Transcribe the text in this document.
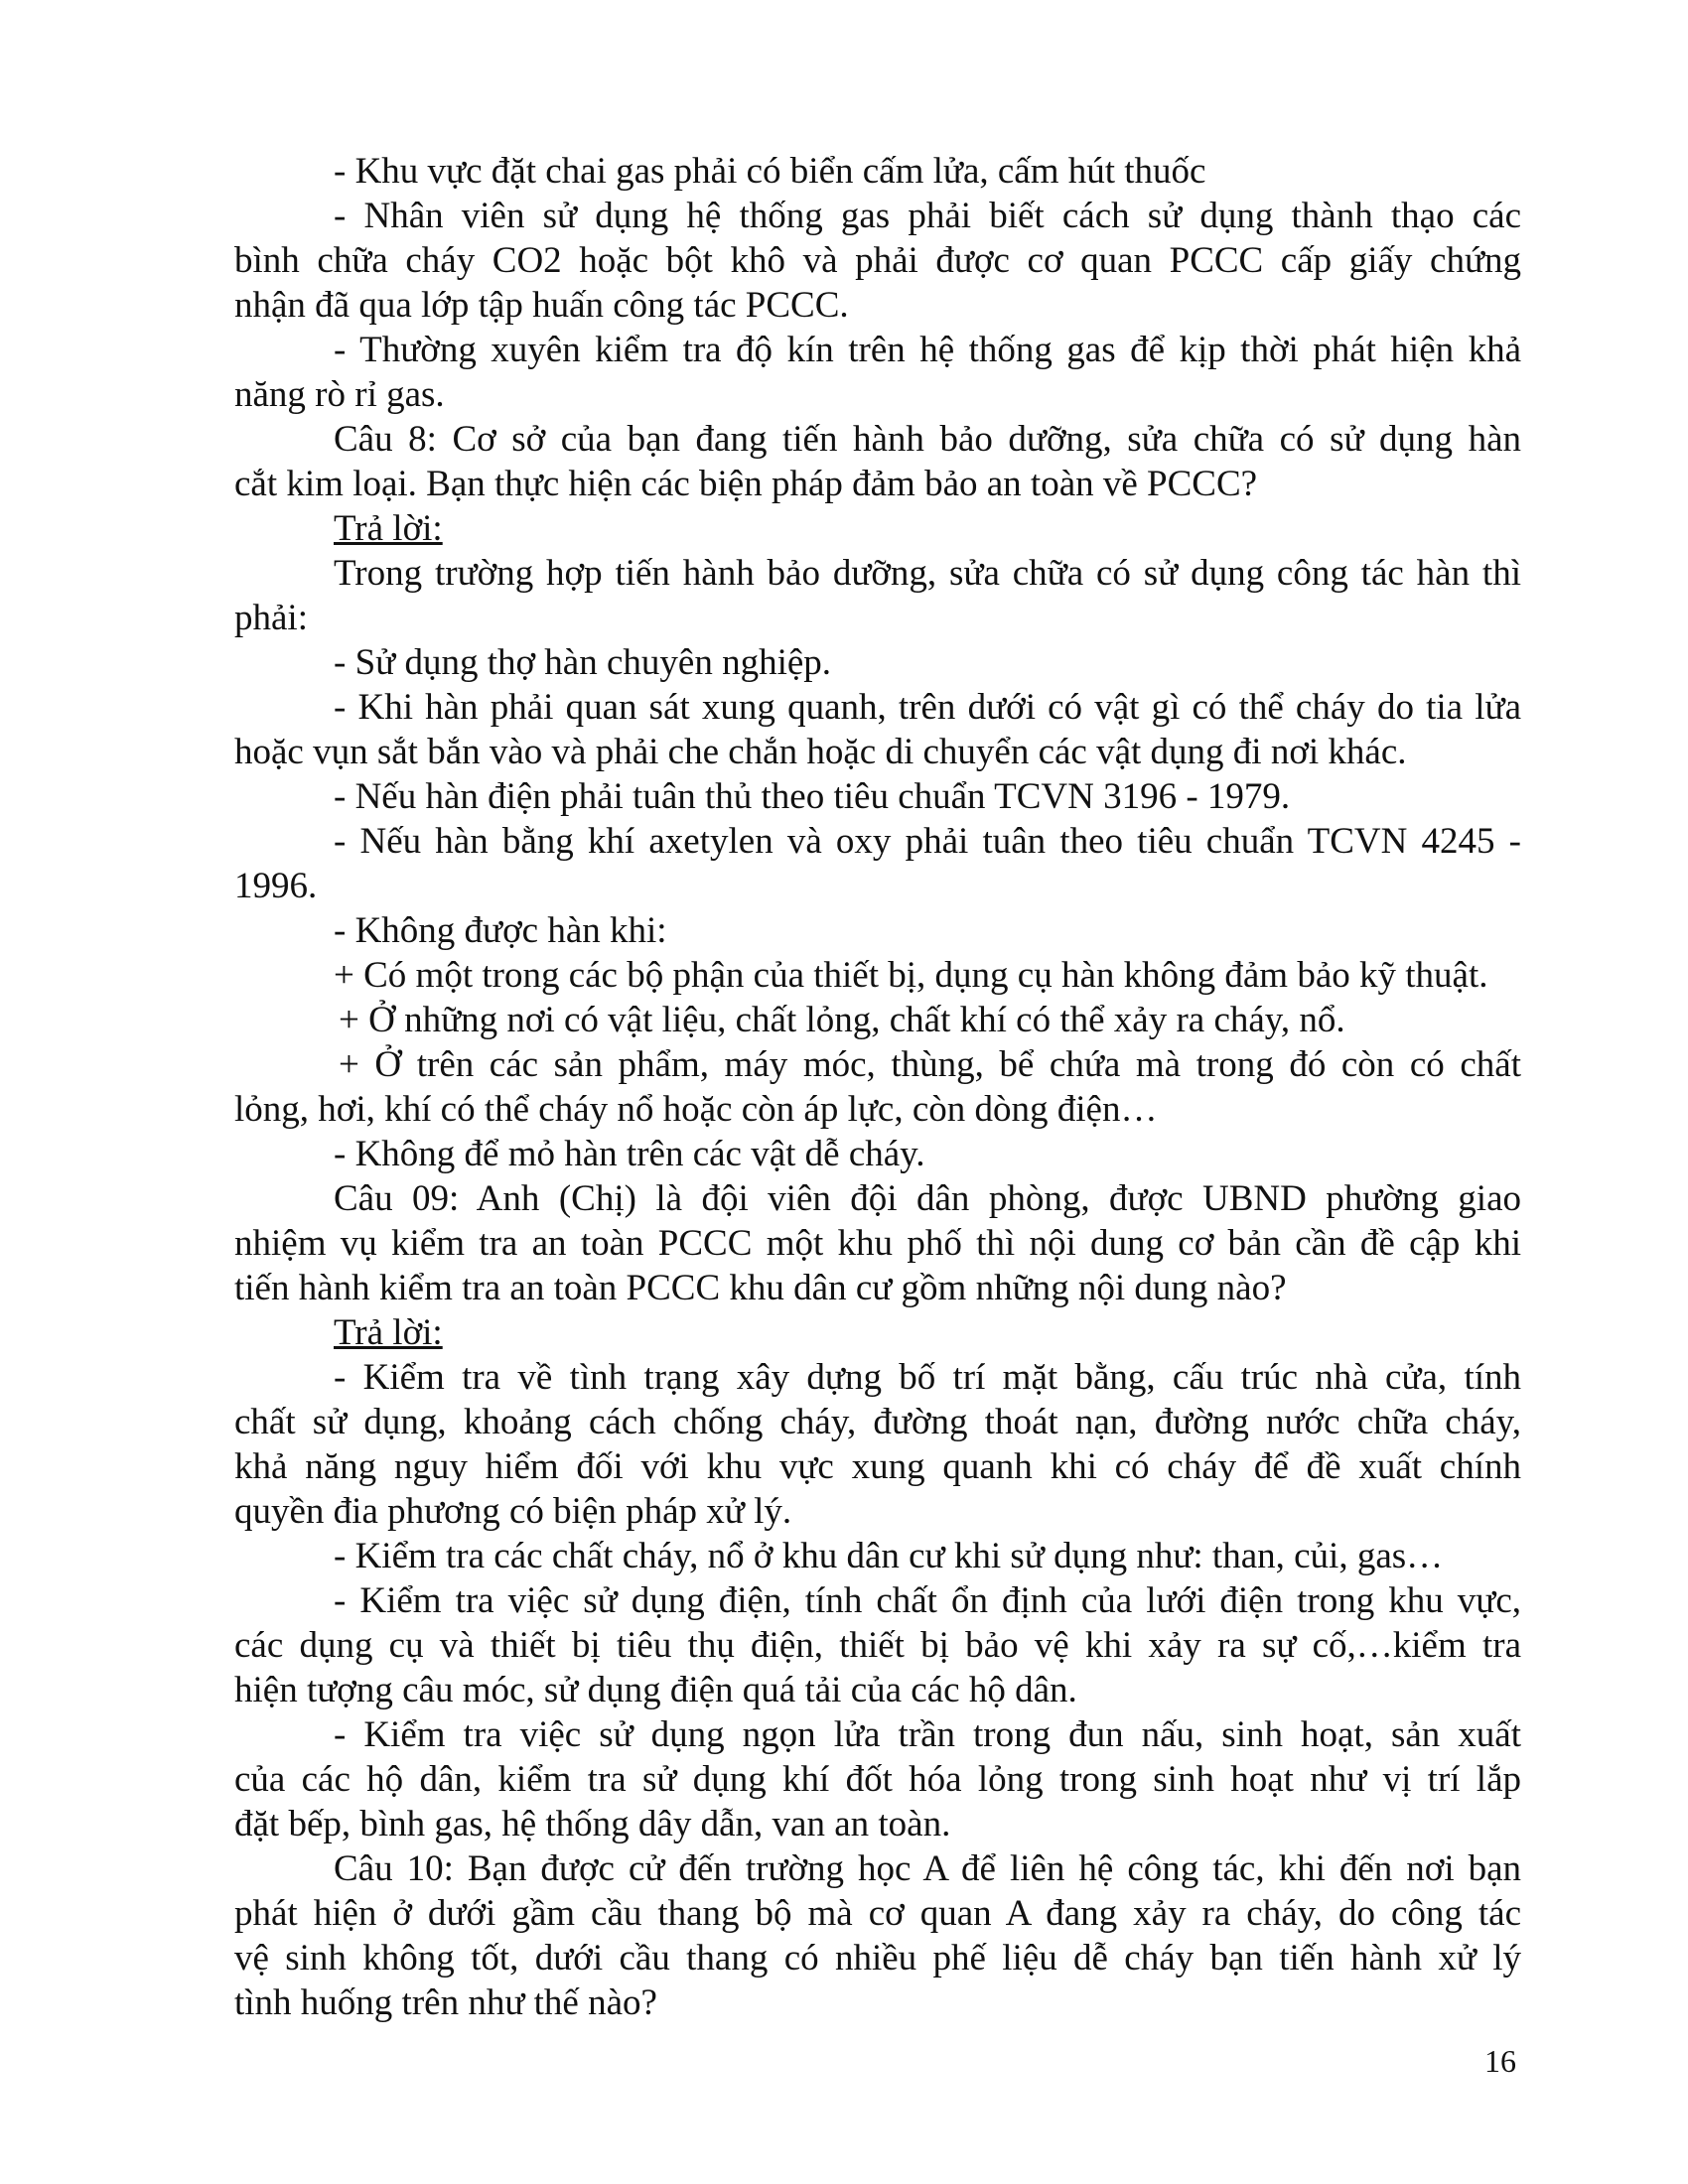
- Khu vực đặt chai gas phải có biển cấm lửa, cấm hút thuốc
- Nhân viên sử dụng hệ thống gas phải biết cách sử dụng thành thạo các
bình chữa cháy CO2 hoặc bột khô và phải được cơ quan PCCC cấp giấy chứng
nhận đã qua lớp tập huấn công tác PCCC.
- Thường xuyên kiểm tra độ kín trên hệ thống gas để kịp thời phát hiện khả
năng rò rỉ gas.
Câu 8: Cơ sở của bạn đang tiến hành bảo dưỡng, sửa chữa có sử dụng hàn
cắt kim loại. Bạn thực hiện các biện pháp đảm bảo an toàn về PCCC?
Trả lời:
Trong trường hợp tiến hành bảo dưỡng, sửa chữa có sử dụng công tác hàn thì
phải:
- Sử dụng thợ hàn chuyên nghiệp.
- Khi hàn phải quan sát xung quanh, trên dưới có vật gì có thể cháy do tia lửa
hoặc vụn sắt bắn vào và phải che chắn hoặc di chuyển các vật dụng đi nơi khác.
- Nếu hàn điện phải tuân thủ theo tiêu chuẩn TCVN 3196 - 1979.
- Nếu hàn bằng khí axetylen và oxy phải tuân theo tiêu chuẩn TCVN 4245 -
1996.
- Không được hàn khi:
+ Có một trong các bộ phận của thiết bị, dụng cụ hàn không đảm bảo kỹ thuật.
+ Ở những nơi có vật liệu, chất lỏng, chất khí có thể xảy ra cháy, nổ.
+ Ở trên các sản phẩm, máy móc, thùng, bể chứa mà trong đó còn có chất
lỏng, hơi, khí có thể cháy nổ hoặc còn áp lực, còn dòng điện…
- Không để mỏ hàn trên các vật dễ cháy.
Câu 09: Anh (Chị) là đội viên đội dân phòng, được UBND phường giao
nhiệm vụ kiểm tra an toàn PCCC một khu phố thì nội dung cơ bản cần đề cập khi
tiến hành kiểm tra an toàn PCCC khu dân cư gồm những nội dung nào?
Trả lời:
- Kiểm tra về tình trạng xây dựng bố trí mặt bằng, cấu trúc nhà cửa, tính
chất sử dụng, khoảng cách chống cháy, đường thoát nạn, đường nước chữa cháy,
khả năng nguy hiểm đối với khu vực xung quanh khi có cháy để đề xuất chính
quyền đia phương có biện pháp xử lý.
- Kiểm tra các chất cháy, nổ ở khu dân cư khi sử dụng như: than, củi, gas…
- Kiểm tra việc sử dụng điện, tính chất ổn định của lưới điện trong khu vực,
các dụng cụ và thiết bị tiêu thụ điện, thiết bị bảo vệ khi xảy ra sự cố,…kiểm tra
hiện tượng câu móc, sử dụng điện quá tải của các hộ dân.
- Kiểm tra việc sử dụng ngọn lửa trần trong đun nấu, sinh hoạt, sản xuất
của các hộ dân, kiểm tra sử dụng khí đốt hóa lỏng trong sinh hoạt như vị trí lắp
đặt bếp, bình gas, hệ thống dây dẫn, van an toàn.
Câu 10: Bạn được cử đến trường học A để liên hệ công tác, khi đến nơi bạn
phát hiện ở dưới gầm cầu thang bộ mà cơ quan A đang xảy ra cháy, do công tác
vệ sinh không tốt, dưới cầu thang có nhiều phế liệu dễ cháy bạn tiến hành xử lý
tình huống trên như thế nào?
16
